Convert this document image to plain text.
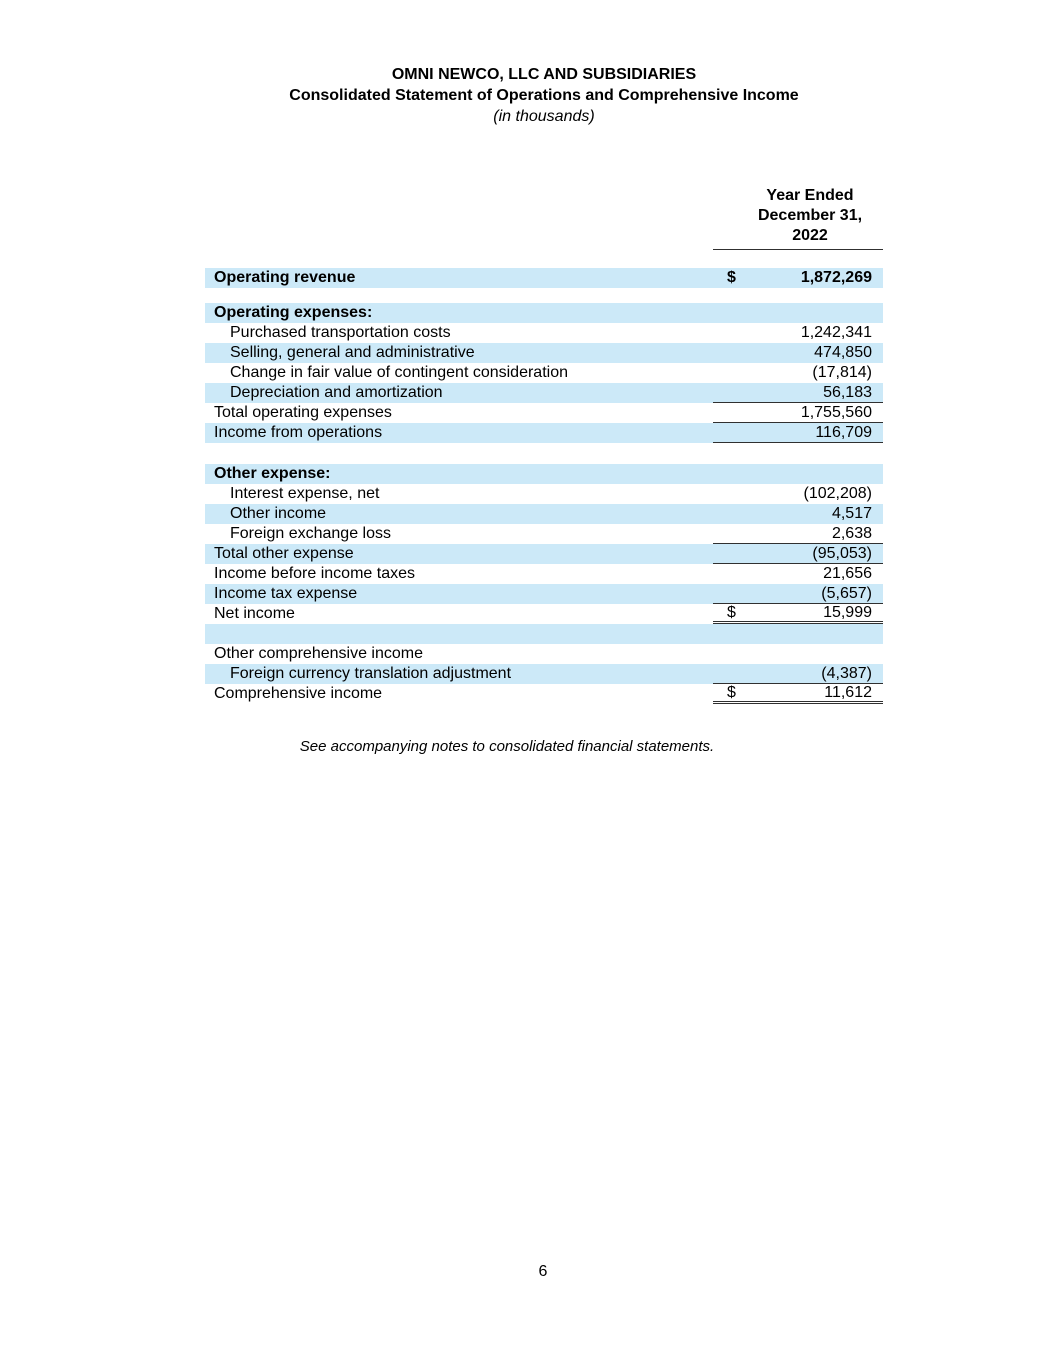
OMNI NEWCO, LLC AND SUBSIDIARIES
Consolidated Statement of Operations and Comprehensive Income
(in thousands)
Year Ended
December 31,
2022
Operating revenue	$	1,872,269
Operating expenses:
Purchased transportation costs	1,242,341
Selling, general and administrative	474,850
Change in fair value of contingent consideration	(17,814)
Depreciation and amortization	56,183
Total operating expenses	1,755,560
Income from operations	116,709
Other expense:
Interest expense, net	(102,208)
Other income	4,517
Foreign exchange loss	2,638
Total other expense	(95,053)
Income before income taxes	21,656
Income tax expense	(5,657)
Net income	$	15,999
Other comprehensive income
Foreign currency translation adjustment	(4,387)
Comprehensive income	$	11,612
See accompanying notes to consolidated financial statements.
6
